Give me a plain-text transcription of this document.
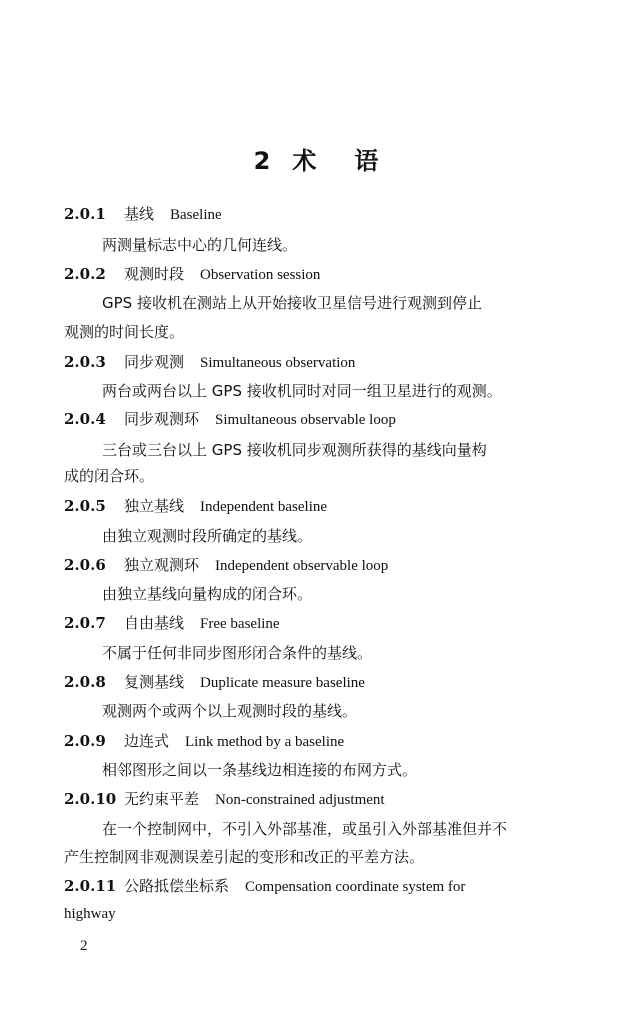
2 术 语
2.0.1 基线 Baseline
两测量标志中心的几何连线。
2.0.2 观测时段 Observation session
GPS 接收机在测站上从开始接收卫星信号进行观测到停止
观测的时间长度。
2.0.3 同步观测 Simultaneous observation
两台或两台以上 GPS 接收机同时对同一组卫星进行的观测。
2.0.4 同步观测环 Simultaneous observable loop
三台或三台以上 GPS 接收机同步观测所获得的基线向量构
成的闭合环。
2.0.5 独立基线 Independent baseline
由独立观测时段所确定的基线。
2.0.6 独立观测环 Independent observable loop
由独立基线向量构成的闭合环。
2.0.7 自由基线 Free baseline
不属于任何非同步图形闭合条件的基线。
2.0.8 复测基线 Duplicate measure baseline
观测两个或两个以上观测时段的基线。
2.0.9 边连式 Link method by a baseline
相邻图形之间以一条基线边相连接的布网方式。
2.0.10 无约束平差 Non-constrained adjustment
在一个控制网中，不引入外部基准，或虽引入外部基准但并不
产生控制网非观测误差引起的变形和改正的平差方法。
2.0.11 公路抵偿坐标系 Compensation coordinate system for
highway
2
